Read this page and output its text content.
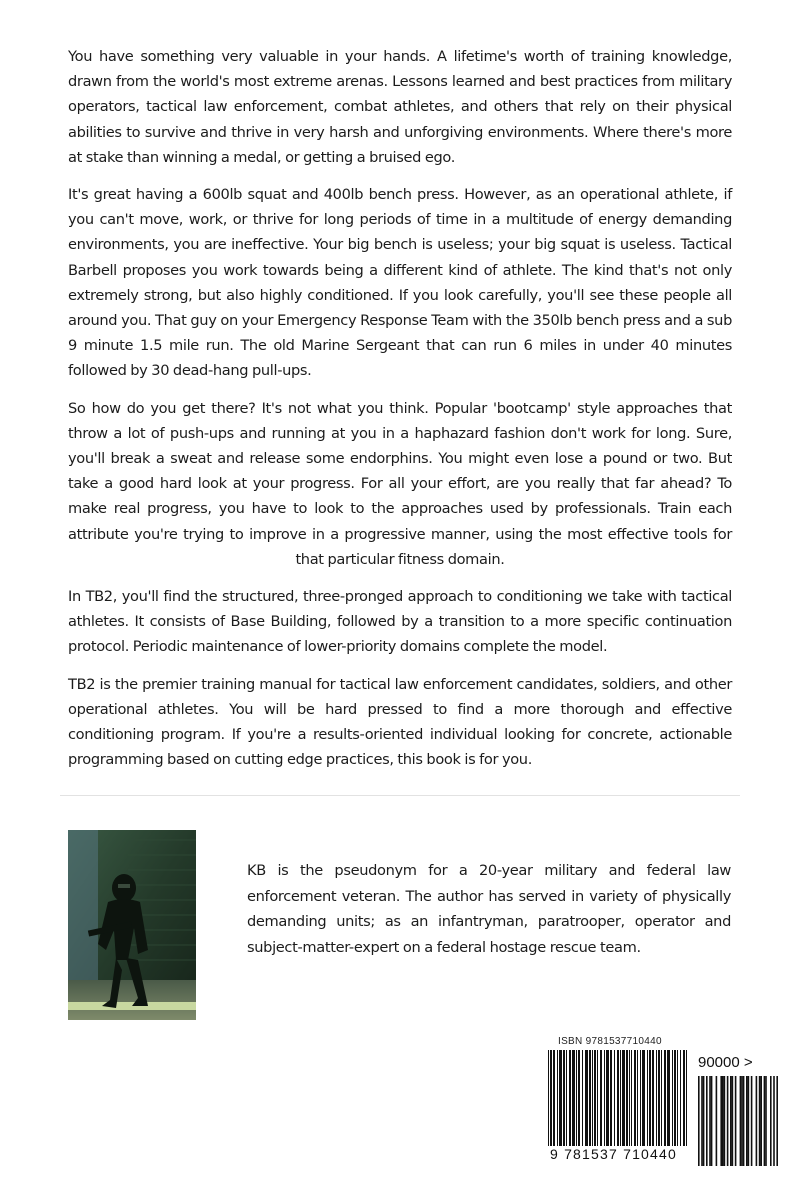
You have something very valuable in your hands. A lifetime's worth of training knowledge, drawn from the world's most extreme arenas. Lessons learned and best practices from military operators, tactical law enforcement, combat athletes, and others that rely on their physical abilities to survive and thrive in very harsh and unforgiving environments. Where there's more at stake than winning a medal, or getting a bruised ego.

It's great having a 600lb squat and 400lb bench press. However, as an operational athlete, if you can't move, work, or thrive for long periods of time in a multitude of energy demanding environments, you are ineffective. Your big bench is useless; your big squat is useless. Tactical Barbell proposes you work towards being a different kind of athlete. The kind that's not only extremely strong, but also highly conditioned. If you look carefully, you'll see these people all around you. That guy on your Emergency Response Team with the 350lb bench press and a sub 9 minute 1.5 mile run. The old Marine Sergeant that can run 6 miles in under 40 minutes followed by 30 dead-hang pull-ups.

So how do you get there? It's not what you think. Popular 'bootcamp' style approaches that throw a lot of push-ups and running at you in a haphazard fashion don't work for long. Sure, you'll break a sweat and release some endorphins. You might even lose a pound or two. But take a good hard look at your progress. For all your effort, are you really that far ahead? To make real progress, you have to look to the approaches used by professionals. Train each attribute you're trying to improve in a progressive manner, using the most effective tools for that particular fitness domain.

In TB2, you'll find the structured, three-pronged approach to conditioning we take with tactical athletes. It consists of Base Building, followed by a transition to a more specific continuation protocol. Periodic maintenance of lower-priority domains complete the model.

TB2 is the premier training manual for tactical law enforcement candidates, soldiers, and other operational athletes. You will be hard pressed to find a more thorough and effective conditioning program. If you're a results-oriented individual looking for concrete, actionable programming based on cutting edge practices, this book is for you.

KB is the pseudonym for a 20-year military and federal law enforcement veteran. The author has served in variety of physically demanding units; as an infantryman, paratrooper, operator and subject-matter-expert on a federal hostage rescue team.
ISBN 9781537710440
90000 >
9 781537 710440
